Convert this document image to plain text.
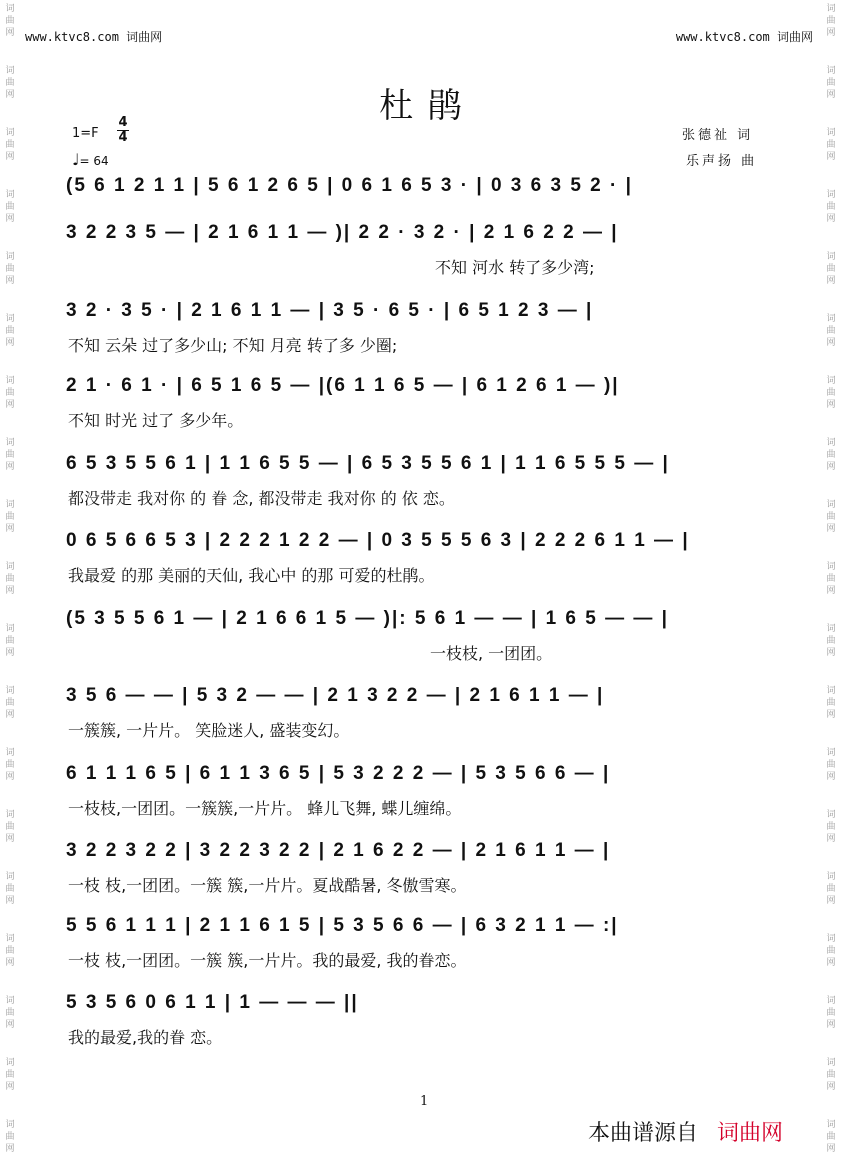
词
曲
网
词
曲
网
词
曲
网
词
曲
网
词
曲
网
词
曲
网
词
曲
网
词
曲
网
词
曲
网
词
曲
网
词
曲
网
词
曲
网
词
曲
网
词
曲
网
词
曲
网
词
曲
网
词
曲
网
词
曲
网
词
曲
网
词
曲
网
词
曲
网
词
曲
网
词
曲
网
词
曲
网
词
曲
网
词
曲
网
词
曲
网
词
曲
网
词
曲
网
词
曲
网
词
曲
网
词
曲
网
词
曲
网
词
曲
网
词
曲
网
词
曲
网
词
曲
网
词
曲
网
www.ktvc8.com 词曲网	www.ktvc8.com 词曲网
杜 鹃
1=F
4
4
♩= 64
张德祉 词
乐声扬 曲
(5 6 1 2 1 1 | 5 6 1 2 6 5 | 0 6 1 6 5 3 · | 0 3 6 3 5 2 · |
3 2 2 3 5 — | 2 1 6 1 1 — )| 2 2 · 3 2 · | 2 1 6 2 2 — |
不知 河水 转了多少湾;
3 2 · 3 5 · | 2 1 6 1 1 — | 3 5 · 6 5 · | 6 5 1 2 3 — |
不知 云朵 过了多少山; 不知 月亮 转了多 少圈;
2 1 · 6 1 · | 6 5 1 6 5 — |(6 1 1 6 5 — | 6 1 2 6 1 — )|
不知 时光 过了 多少年。
6 5 3 5 5 6 1 | 1 1 6 5 5 — | 6 5 3 5 5 6 1 | 1 1 6 5 5 5 — |
都没带走 我对你 的 眷 念, 都没带走 我对你 的 依 恋。
0 6 5 6 6 5 3 | 2 2 2 1 2 2 — | 0 3 5 5 5 6 3 | 2 2 2 6 1 1 — |
我最爱 的那 美丽的天仙, 我心中 的那 可爱的杜鹃。
(5 3 5 5 6 1 — | 2 1 6 6 1 5 — )|: 5 6 1 — — | 1 6 5 — — |
一枝枝, 一团团。
3 5 6 — — | 5 3 2 — — | 2 1 3 2 2 — | 2 1 6 1 1 — |
一簇簇, 一片片。 笑脸迷人, 盛装变幻。
6 1 1 1 6 5 | 6 1 1 3 6 5 | 5 3 2 2 2 — | 5 3 5 6 6 — |
一枝枝,一团团。一簇簇,一片片。 蜂儿飞舞, 蝶儿缠绵。
3 2 2 3 2 2 | 3 2 2 3 2 2 | 2 1 6 2 2 — | 2 1 6 1 1 — |
一枝 枝,一团团。一簇 簇,一片片。夏战酷暑, 冬傲雪寒。
5 5 6 1 1 1 | 2 1 1 6 1 5 | 5 3 5 6 6 — | 6 3 2 1 1 — :|
一枝 枝,一团团。一簇 簇,一片片。我的最爱, 我的眷恋。
5 3 5 6 0 6 1 1 | 1 — — — ||
我的最爱,我的眷 恋。
1
本曲谱源自 词曲网
